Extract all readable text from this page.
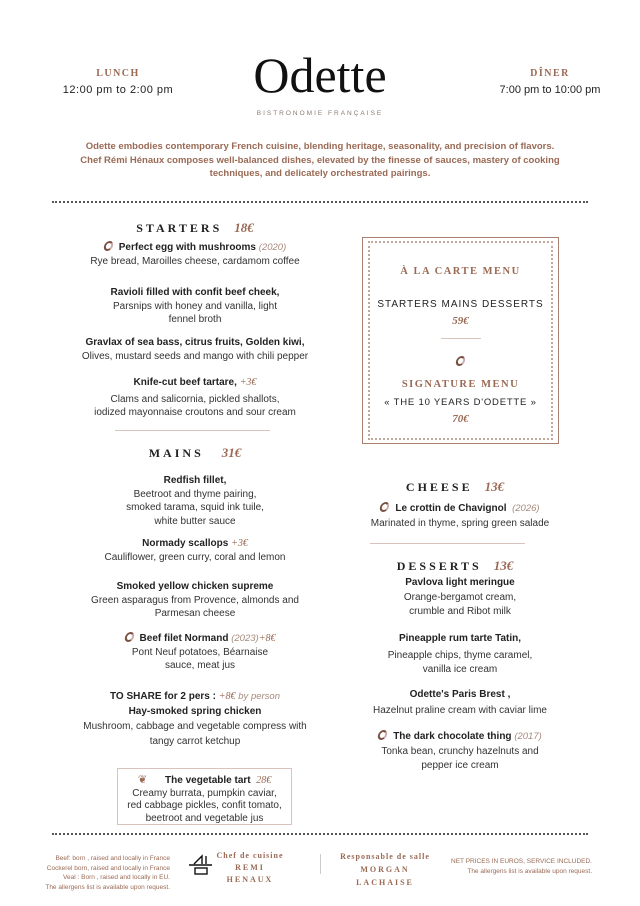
LUNCH
12:00 pm to 2:00 pm
DÎNER
7:00 pm to 10:00 pm
Odette
BISTRONOMIE FRANÇAISE
Odette embodies contemporary French cuisine, blending heritage, seasonality, and precision of flavors.
Chef Rémi Hénaux composes well-balanced dishes, elevated by the finesse of sauces, mastery of cooking
techniques, and delicately orchestrated pairings.
STARTERS 18€
Perfect egg with mushrooms (2020)
Rye bread, Maroilles cheese, cardamom coffee
Ravioli filled with confit beef cheek,
Parsnips with honey and vanilla, light
fennel broth
Gravlax of sea bass, citrus fruits, Golden kiwi,
Olives, mustard seeds and mango with chili pepper
Knife-cut beef tartare, +3€
Clams and salicornia, pickled shallots,
iodized mayonnaise croutons and sour cream
MAINS 31€
Redfish fillet,
Beetroot and thyme pairing,
smoked tarama, squid ink tuile,
white butter sauce
Normady scallops +3€
Cauliflower, green curry, coral and lemon
Smoked yellow chicken supreme
Green asparagus from Provence, almonds and
Parmesan cheese
Beef filet Normand (2023)+8€
Pont Neuf potatoes, Béarnaise
sauce, meat jus
TO SHARE for 2 pers : +8€ by person
Hay-smoked spring chicken
Mushroom, cabbage and vegetable compress with
tangy carrot ketchup
❦ The vegetable tart 28€
Creamy burrata, pumpkin caviar,
red cabbage pickles, confit tomato,
beetroot and vegetable jus
À LA CARTE MENU
STARTERS MAINS DESSERTS
59€
SIGNATURE MENU
« THE 10 YEARS D'ODETTE »
70€
CHEESE 13€
Le crottin de Chavignol (2026)
Marinated in thyme, spring green salade
DESSERTS 13€
Pavlova light meringue
Orange-bergamot cream,
crumble and Ribot milk
Pineapple rum tarte Tatin,
Pineapple chips, thyme caramel,
vanilla ice cream
Odette's Paris Brest ,
Hazelnut praline cream with caviar lime
The dark chocolate thing (2017)
Tonka bean, crunchy hazelnuts and
pepper ice cream
Beef: born , raised and locally in France
Cockerel born, raised and locally in France
Veal : Born , raised and locally in EU.
The allergens list is available upon request.
Chef de cuisine
REMI
HENAUX
Responsable de salle
MORGAN
LACHAISE
NET PRICES IN EUROS, SERVICE INCLUDED.
The allergens list is available upon request.
